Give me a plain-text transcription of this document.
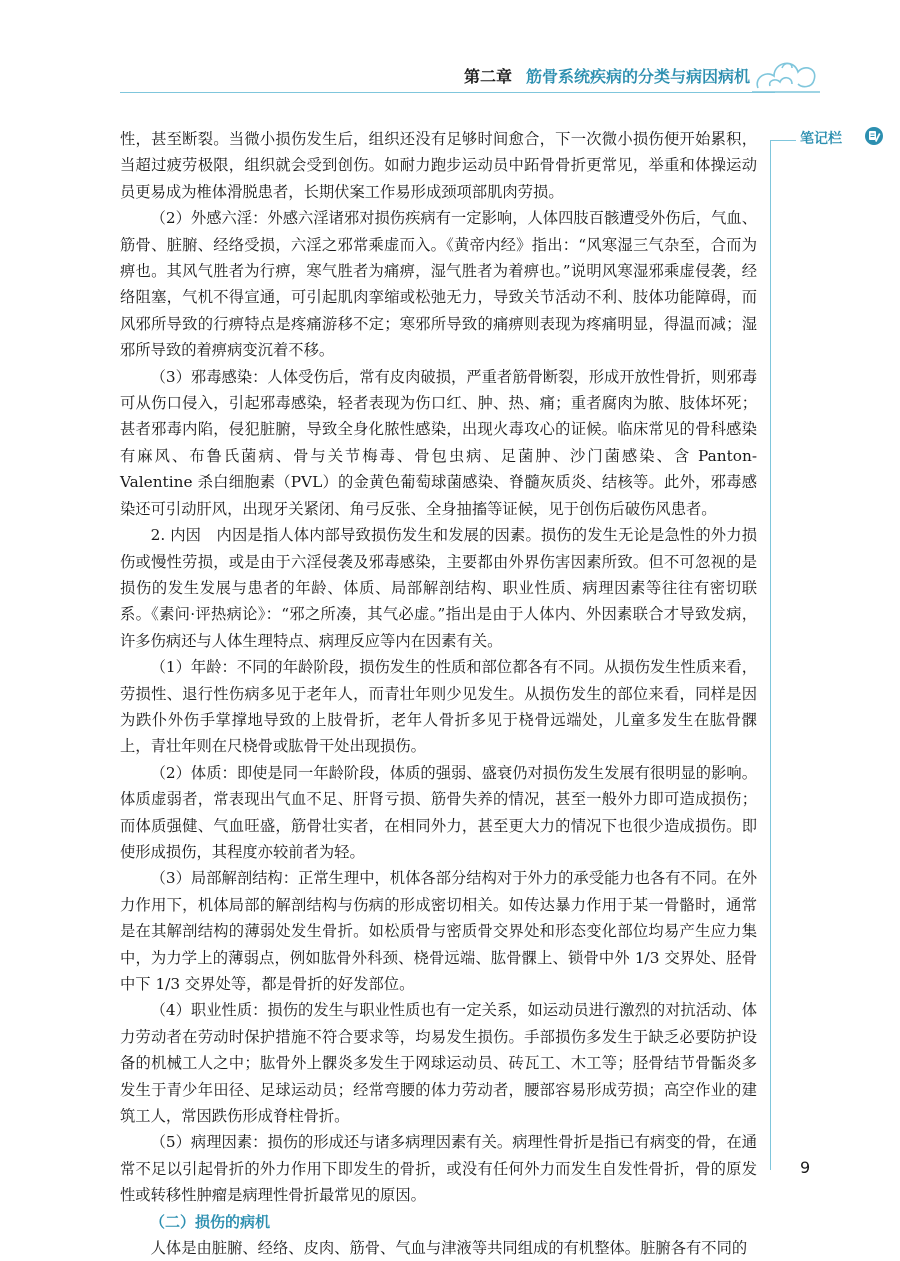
第二章 筋骨系统疾病的分类与病因病机
笔记栏

性，甚至断裂。当微小损伤发生后，组织还没有足够时间愈合，下一次微小损伤便开始累积，当超过疲劳极限，组织就会受到创伤。如耐力跑步运动员中跖骨骨折更常见，举重和体操运动员更易成为椎体滑脱患者，长期伏案工作易形成颈项部肌肉劳损。

（2）外感六淫：外感六淫诸邪对损伤疾病有一定影响，人体四肢百骸遭受外伤后，气血、筋骨、脏腑、经络受损，六淫之邪常乘虚而入。《黄帝内经》指出：“风寒湿三气杂至，合而为痹也。其风气胜者为行痹，寒气胜者为痛痹，湿气胜者为着痹也。”说明风寒湿邪乘虚侵袭，经络阻塞，气机不得宣通，可引起肌肉挛缩或松弛无力，导致关节活动不利、肢体功能障碍，而风邪所导致的行痹特点是疼痛游移不定；寒邪所导致的痛痹则表现为疼痛明显，得温而减；湿邪所导致的着痹病变沉着不移。

（3）邪毒感染：人体受伤后，常有皮肉破损，严重者筋骨断裂，形成开放性骨折，则邪毒可从伤口侵入，引起邪毒感染，轻者表现为伤口红、肿、热、痛；重者腐肉为脓、肢体坏死；甚者邪毒内陷，侵犯脏腑，导致全身化脓性感染，出现火毒攻心的证候。临床常见的骨科感染有麻风、布鲁氏菌病、骨与关节梅毒、骨包虫病、足菌肿、沙门菌感染、含 Panton-Valentine 杀白细胞素（PVL）的金黄色葡萄球菌感染、脊髓灰质炎、结核等。此外，邪毒感染还可引动肝风，出现牙关紧闭、角弓反张、全身抽搐等证候，见于创伤后破伤风患者。

2. 内因　内因是指人体内部导致损伤发生和发展的因素。损伤的发生无论是急性的外力损伤或慢性劳损，或是由于六淫侵袭及邪毒感染，主要都由外界伤害因素所致。但不可忽视的是损伤的发生发展与患者的年龄、体质、局部解剖结构、职业性质、病理因素等往往有密切联系。《素问·评热病论》：“邪之所凑，其气必虚。”指出是由于人体内、外因素联合才导致发病，许多伤病还与人体生理特点、病理反应等内在因素有关。

（1）年龄：不同的年龄阶段，损伤发生的性质和部位都各有不同。从损伤发生性质来看，劳损性、退行性伤病多见于老年人，而青壮年则少见发生。从损伤发生的部位来看，同样是因为跌仆外伤手掌撑地导致的上肢骨折，老年人骨折多见于桡骨远端处，儿童多发生在肱骨髁上，青壮年则在尺桡骨或肱骨干处出现损伤。

（2）体质：即使是同一年龄阶段，体质的强弱、盛衰仍对损伤发生发展有很明显的影响。体质虚弱者，常表现出气血不足、肝肾亏损、筋骨失养的情况，甚至一般外力即可造成损伤；而体质强健、气血旺盛，筋骨壮实者，在相同外力，甚至更大力的情况下也很少造成损伤。即使形成损伤，其程度亦较前者为轻。

（3）局部解剖结构：正常生理中，机体各部分结构对于外力的承受能力也各有不同。在外力作用下，机体局部的解剖结构与伤病的形成密切相关。如传达暴力作用于某一骨骼时，通常是在其解剖结构的薄弱处发生骨折。如松质骨与密质骨交界处和形态变化部位均易产生应力集中，为力学上的薄弱点，例如肱骨外科颈、桡骨远端、肱骨髁上、锁骨中外 1/3 交界处、胫骨中下 1/3 交界处等，都是骨折的好发部位。

（4）职业性质：损伤的发生与职业性质也有一定关系，如运动员进行激烈的对抗活动、体力劳动者在劳动时保护措施不符合要求等，均易发生损伤。手部损伤多发生于缺乏必要防护设备的机械工人之中；肱骨外上髁炎多发生于网球运动员、砖瓦工、木工等；胫骨结节骨骺炎多发生于青少年田径、足球运动员；经常弯腰的体力劳动者，腰部容易形成劳损；高空作业的建筑工人，常因跌伤形成脊柱骨折。

（5）病理因素：损伤的形成还与诸多病理因素有关。病理性骨折是指已有病变的骨，在通常不足以引起骨折的外力作用下即发生的骨折，或没有任何外力而发生自发性骨折，骨的原发性或转移性肿瘤是病理性骨折最常见的原因。

（二）损伤的病机

人体是由脏腑、经络、皮肉、筋骨、气血与津液等共同组成的有机整体。脏腑各有不同的

9
